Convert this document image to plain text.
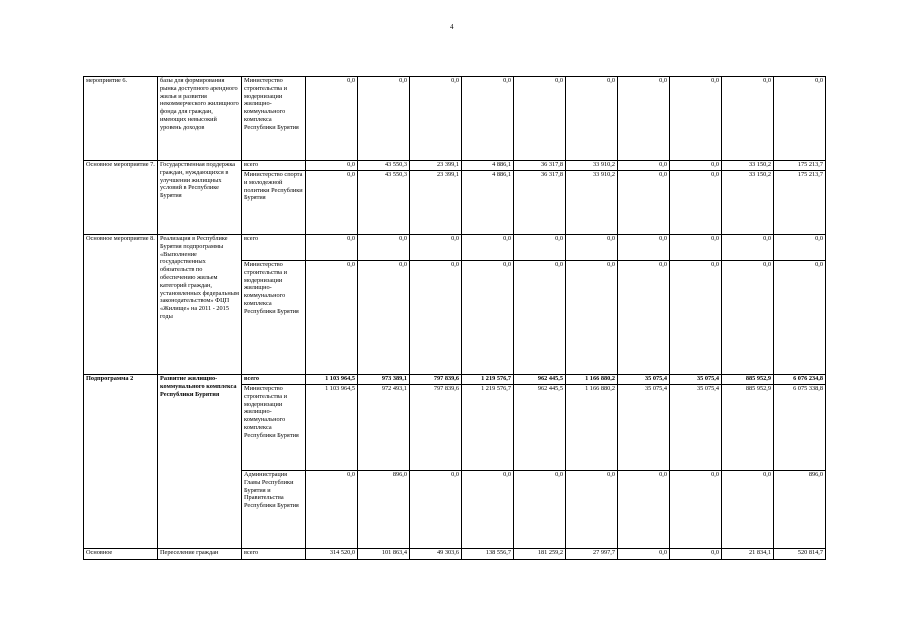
4
мероприятие 6.	базы для формирования рынка доступного арендного жилья и развития некоммерческого жилищного фонда для граждан, имеющих невысокий уровень доходов	Министерство строительства и модернизации жилищно-коммунального комплекса Республики Бурятия	0,0	0,0	0,0	0,0	0,0	0,0	0,0	0,0	0,0	0,0
Основное мероприятие 7.	Государственная поддержка граждан, нуждающихся в улучшении жилищных условий в Республике Бурятия	всего	0,0	43 550,3	23 399,1	4 886,1	36 317,8	33 910,2	0,0	0,0	33 150,2	175 213,7
		Министерство спорта и молодежной политики Республики Бурятия	0,0	43 550,3	23 399,1	4 886,1	36 317,8	33 910,2	0,0	0,0	33 150,2	175 213,7
Основное мероприятие 8.	Реализация в Республике Бурятия подпрограммы «Выполнение государственных обязательств по обеспечению жильем категорий граждан, установленных федеральным законодательством» ФЦП «Жилище» на 2011 - 2015 годы	всего	0,0	0,0	0,0	0,0	0,0	0,0	0,0	0,0	0,0	0,0
		Министерство строительства и модернизации жилищно-коммунального комплекса Республики Бурятия	0,0	0,0	0,0	0,0	0,0	0,0	0,0	0,0	0,0	0,0
Подпрограмма 2	Развитие жилищно-коммунального комплекса Республики Бурятия	всего	1 103 964,5	973 389,1	797 839,6	1 219 576,7	962 445,5	1 166 880,2	35 075,4	35 075,4	885 952,9	6 076 234,8
		Министерство строительства и модернизации жилищно-коммунального комплекса Республики Бурятия	1 103 964,5	972 493,1	797 839,6	1 219 576,7	962 445,5	1 166 880,2	35 075,4	35 075,4	885 952,9	6 075 338,8
		Администрация Главы Республики Бурятия и Правительства Республики Бурятия	0,0	896,0	0,0	0,0	0,0	0,0	0,0	0,0	0,0	896,0
Основное	Переселение граждан	всего	314 520,0	101 863,4	49 303,6	138 556,7	181 259,2	27 997,7	0,0	0,0	21 834,1	520 814,7
